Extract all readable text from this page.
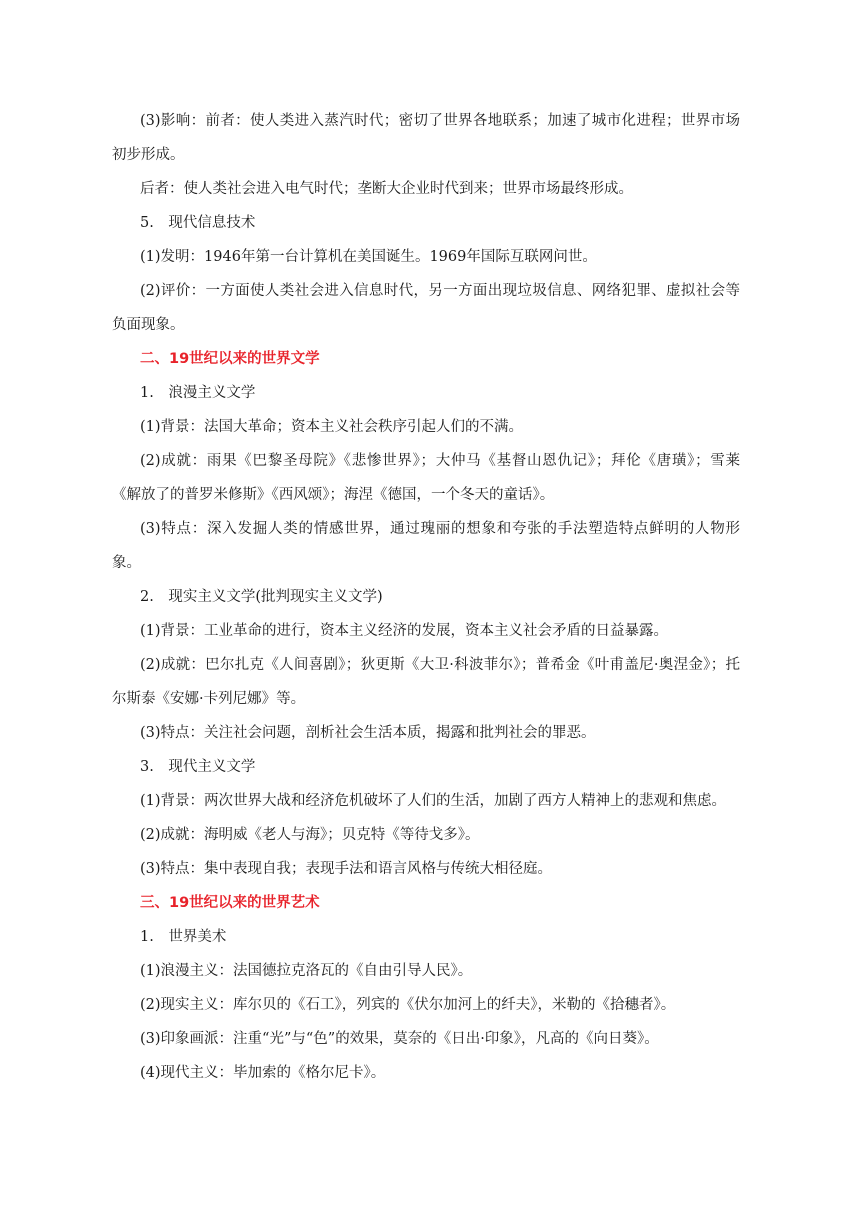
(3)影响：前者：使人类进入蒸汽时代；密切了世界各地联系；加速了城市化进程；世界市场初步形成。

后者：使人类社会进入电气时代；垄断大企业时代到来；世界市场最终形成。

5.　现代信息技术

(1)发明：1946年第一台计算机在美国诞生。1969年国际互联网问世。

(2)评价：一方面使人类社会进入信息时代，另一方面出现垃圾信息、网络犯罪、虚拟社会等负面现象。

二、19世纪以来的世界文学

1.　浪漫主义文学

(1)背景：法国大革命；资本主义社会秩序引起人们的不满。

(2)成就：雨果《巴黎圣母院》《悲惨世界》；大仲马《基督山恩仇记》；拜伦《唐璜》；雪莱《解放了的普罗米修斯》《西风颂》；海涅《德国，一个冬天的童话》。

(3)特点：深入发掘人类的情感世界，通过瑰丽的想象和夸张的手法塑造特点鲜明的人物形象。

2.　现实主义文学(批判现实主义文学)

(1)背景：工业革命的进行，资本主义经济的发展，资本主义社会矛盾的日益暴露。

(2)成就：巴尔扎克《人间喜剧》；狄更斯《大卫·科波菲尔》；普希金《叶甫盖尼·奥涅金》；托尔斯泰《安娜·卡列尼娜》等。

(3)特点：关注社会问题，剖析社会生活本质，揭露和批判社会的罪恶。

3.　现代主义文学

(1)背景：两次世界大战和经济危机破坏了人们的生活，加剧了西方人精神上的悲观和焦虑。

(2)成就：海明威《老人与海》；贝克特《等待戈多》。

(3)特点：集中表现自我；表现手法和语言风格与传统大相径庭。

三、19世纪以来的世界艺术

1.　世界美术

(1)浪漫主义：法国德拉克洛瓦的《自由引导人民》。

(2)现实主义：库尔贝的《石工》，列宾的《伏尔加河上的纤夫》，米勒的《拾穗者》。

(3)印象画派：注重“光”与“色”的效果，莫奈的《日出·印象》，凡高的《向日葵》。

(4)现代主义：毕加索的《格尔尼卡》。
